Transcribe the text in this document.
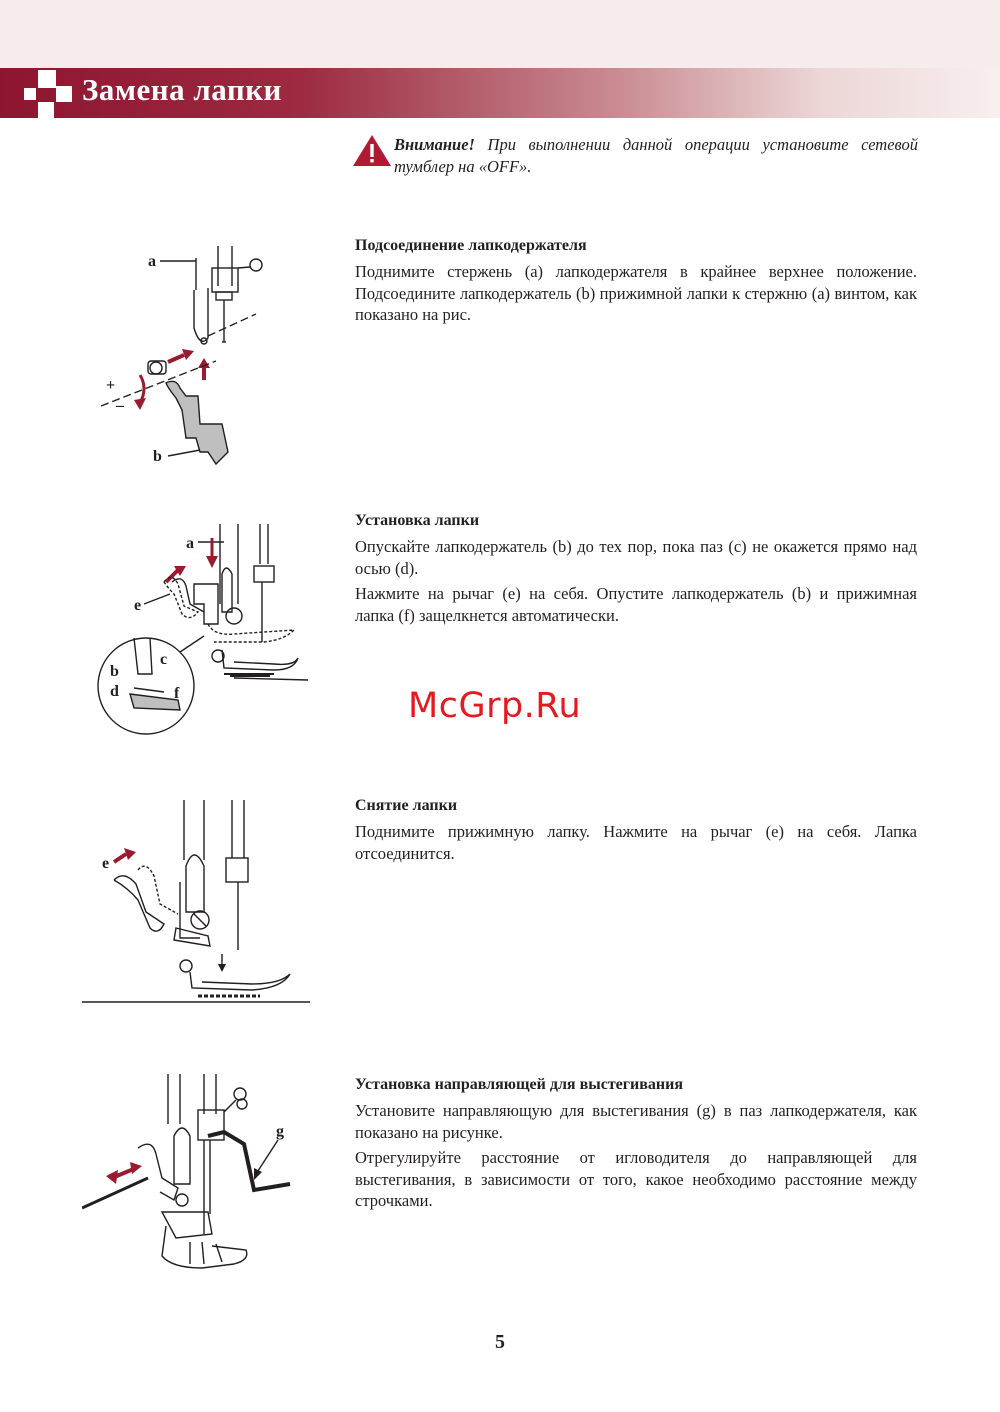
Замена лапки
Внимание! При выполнении данной операции установите сетевой тумблер на «OFF».
Подсоединение лапкодержателя
Поднимите стержень (a) лапкодержателя в крайнее верхнее положение. Подсоедините лапкодержатель (b) прижимной лапки к стержню (a) винтом, как показано на рис.
a
+
–
b
Установка лапки
Опускайте лапкодержатель (b) до тех пор, пока паз (c) не окажется прямо над осью (d).
Нажмите на рычаг (e) на себя. Опустите лапкодержатель (b) и прижимная лапка (f) защелкнется автоматически.
a
e
b
c
d	f	McGrp.Ru
Снятие лапки
Поднимите прижимную лапку. Нажмите на рычаг (e) на себя. Лапка отсоединится.
e
Установка направляющей для выстегивания
Установите направляющую для выстегивания (g) в паз лапкодержателя, как показано на рисунке.
Отрегулируйте расстояние от игловодителя до направляющей для выстегивания, в зависимости от того, какое необходимо расстояние между строчками.
g
5
